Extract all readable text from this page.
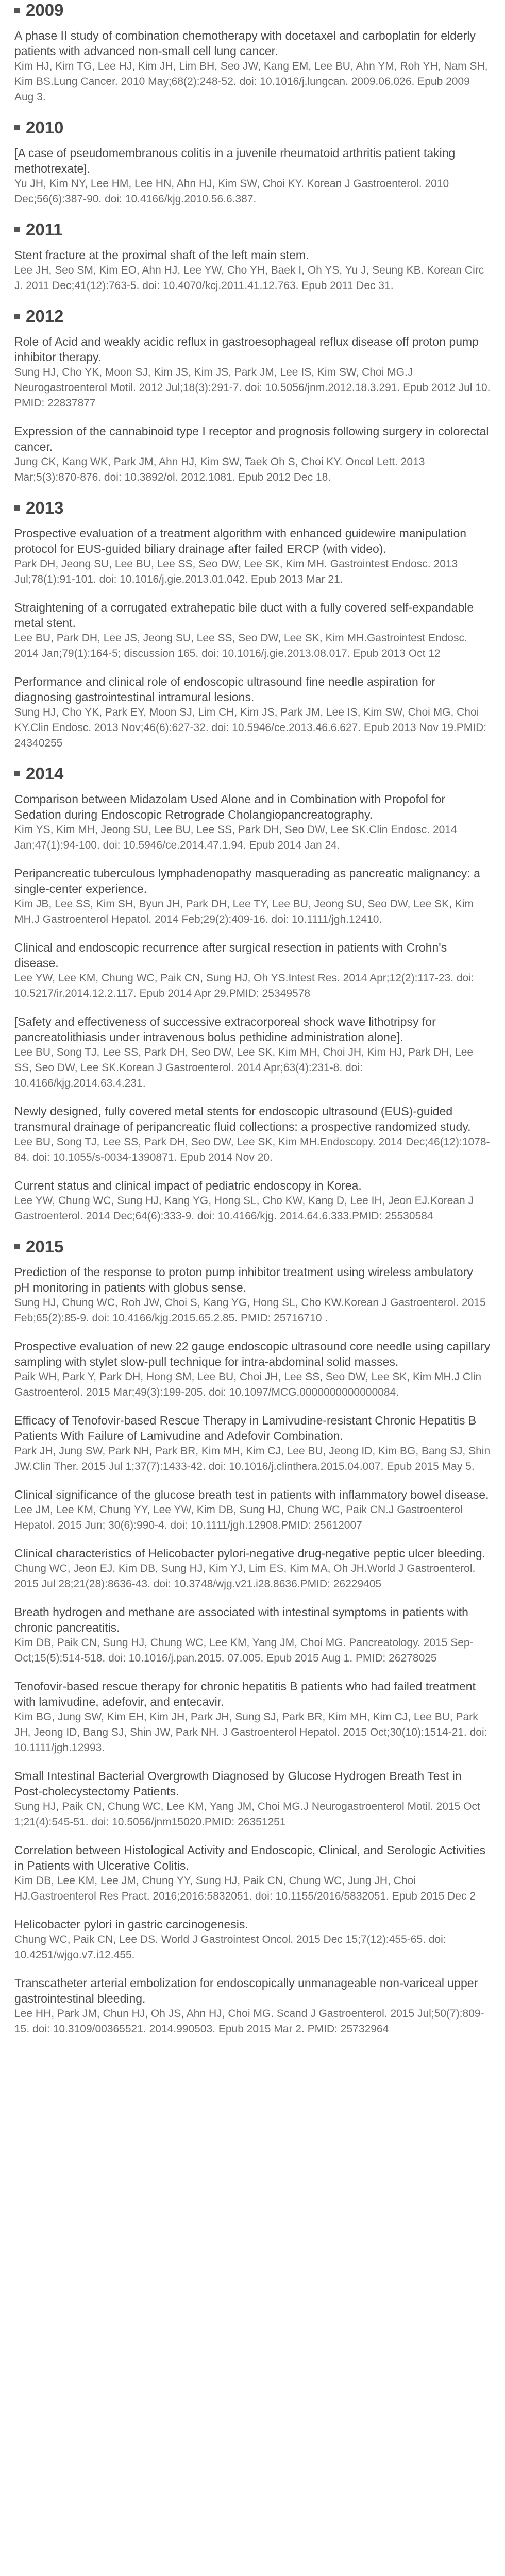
2009

A phase II study of combination chemotherapy with docetaxel and carboplatin for elderly patients with advanced non-small cell lung cancer.
Kim HJ, Kim TG, Lee HJ, Kim JH, Lim BH, Seo JW, Kang EM, Lee BU, Ahn YM, Roh YH, Nam SH, Kim BS.Lung Cancer. 2010 May;68(2):248-52. doi: 10.1016/j.lungcan. 2009.06.026. Epub 2009 Aug 3.

2010

[A case of pseudomembranous colitis in a juvenile rheumatoid arthritis patient taking methotrexate].
Yu JH, Kim NY, Lee HM, Lee HN, Ahn HJ, Kim SW, Choi KY. Korean J Gastroenterol. 2010 Dec;56(6):387-90. doi: 10.4166/kjg.2010.56.6.387.

2011

Stent fracture at the proximal shaft of the left main stem.
Lee JH, Seo SM, Kim EO, Ahn HJ, Lee YW, Cho YH, Baek I, Oh YS, Yu J, Seung KB. Korean Circ J. 2011 Dec;41(12):763-5. doi: 10.4070/kcj.2011.41.12.763. Epub 2011 Dec 31.

2012

Role of Acid and weakly acidic reflux in gastroesophageal reflux disease off proton pump inhibitor therapy.
Sung HJ, Cho YK, Moon SJ, Kim JS, Kim JS, Park JM, Lee IS, Kim SW, Choi MG.J Neurogastroenterol Motil. 2012 Jul;18(3):291-7. doi: 10.5056/jnm.2012.18.3.291. Epub 2012 Jul 10. PMID: 22837877

Expression of the cannabinoid type I receptor and prognosis following surgery in colorectal cancer.
Jung CK, Kang WK, Park JM, Ahn HJ, Kim SW, Taek Oh S, Choi KY. Oncol Lett. 2013 Mar;5(3):870-876. doi: 10.3892/ol. 2012.1081. Epub 2012 Dec 18.

2013

Prospective evaluation of a treatment algorithm with enhanced guidewire manipulation protocol for EUS-guided biliary drainage after failed ERCP (with video).
Park DH, Jeong SU, Lee BU, Lee SS, Seo DW, Lee SK, Kim MH. Gastrointest Endosc. 2013 Jul;78(1):91-101. doi: 10.1016/j.gie.2013.01.042. Epub 2013 Mar 21.

Straightening of a corrugated extrahepatic bile duct with a fully covered self-expandable metal stent.
Lee BU, Park DH, Lee JS, Jeong SU, Lee SS, Seo DW, Lee SK, Kim MH.Gastrointest Endosc. 2014 Jan;79(1):164-5; discussion 165. doi: 10.1016/j.gie.2013.08.017. Epub 2013 Oct 12

Performance and clinical role of endoscopic ultrasound fine needle aspiration for diagnosing gastrointestinal intramural lesions.
Sung HJ, Cho YK, Park EY, Moon SJ, Lim CH, Kim JS, Park JM, Lee IS, Kim SW, Choi MG, Choi KY.Clin Endosc. 2013 Nov;46(6):627-32. doi: 10.5946/ce.2013.46.6.627. Epub 2013 Nov 19.PMID: 24340255

2014

Comparison between Midazolam Used Alone and in Combination with Propofol for Sedation during Endoscopic Retrograde Cholangiopancreatography.
Kim YS, Kim MH, Jeong SU, Lee BU, Lee SS, Park DH, Seo DW, Lee SK.Clin Endosc. 2014 Jan;47(1):94-100. doi: 10.5946/ce.2014.47.1.94. Epub 2014 Jan 24.

Peripancreatic tuberculous lymphadenopathy masquerading as pancreatic malignancy: a single-center experience.
Kim JB, Lee SS, Kim SH, Byun JH, Park DH, Lee TY, Lee BU, Jeong SU, Seo DW, Lee SK, Kim MH.J Gastroenterol Hepatol. 2014 Feb;29(2):409-16. doi: 10.1111/jgh.12410.

Clinical and endoscopic recurrence after surgical resection in patients with Crohn's disease.
Lee YW, Lee KM, Chung WC, Paik CN, Sung HJ, Oh YS.Intest Res. 2014 Apr;12(2):117-23. doi: 10.5217/ir.2014.12.2.117. Epub 2014 Apr 29.PMID: 25349578

[Safety and effectiveness of successive extracorporeal shock wave lithotripsy for pancreatolithiasis under intravenous bolus pethidine administration alone].
Lee BU, Song TJ, Lee SS, Park DH, Seo DW, Lee SK, Kim MH, Choi JH, Kim HJ, Park DH, Lee SS, Seo DW, Lee SK.Korean J Gastroenterol. 2014 Apr;63(4):231-8. doi: 10.4166/kjg.2014.63.4.231.

Newly designed, fully covered metal stents for endoscopic ultrasound (EUS)-guided transmural drainage of peripancreatic fluid collections: a prospective randomized study.
Lee BU, Song TJ, Lee SS, Park DH, Seo DW, Lee SK, Kim MH.Endoscopy. 2014 Dec;46(12):1078-84. doi: 10.1055/s-0034-1390871. Epub 2014 Nov 20.

Current status and clinical impact of pediatric endoscopy in Korea.
Lee YW, Chung WC, Sung HJ, Kang YG, Hong SL, Cho KW, Kang D, Lee IH, Jeon EJ.Korean J Gastroenterol. 2014 Dec;64(6):333-9. doi: 10.4166/kjg. 2014.64.6.333.PMID: 25530584

2015

Prediction of the response to proton pump inhibitor treatment using wireless ambulatory pH monitoring in patients with globus sense.
Sung HJ, Chung WC, Roh JW, Choi S, Kang YG, Hong SL, Cho KW.Korean J Gastroenterol. 2015 Feb;65(2):85-9. doi: 10.4166/kjg.2015.65.2.85. PMID: 25716710 .

Prospective evaluation of new 22 gauge endoscopic ultrasound core needle using capillary sampling with stylet slow-pull technique for intra-abdominal solid masses.
Paik WH, Park Y, Park DH, Hong SM, Lee BU, Choi JH, Lee SS, Seo DW, Lee SK, Kim MH.J Clin Gastroenterol. 2015 Mar;49(3):199-205. doi: 10.1097/MCG.0000000000000084.

Efficacy of Tenofovir-based Rescue Therapy in Lamivudine-resistant Chronic Hepatitis B Patients With Failure of Lamivudine and Adefovir Combination.
Park JH, Jung SW, Park NH, Park BR, Kim MH, Kim CJ, Lee BU, Jeong ID, Kim BG, Bang SJ, Shin JW.Clin Ther. 2015 Jul 1;37(7):1433-42. doi: 10.1016/j.clinthera.2015.04.007. Epub 2015 May 5.

Clinical significance of the glucose breath test in patients with inflammatory bowel disease.
Lee JM, Lee KM, Chung YY, Lee YW, Kim DB, Sung HJ, Chung WC, Paik CN.J Gastroenterol Hepatol. 2015 Jun; 30(6):990-4. doi: 10.1111/jgh.12908.PMID: 25612007

Clinical characteristics of Helicobacter pylori-negative drug-negative peptic ulcer bleeding.
Chung WC, Jeon EJ, Kim DB, Sung HJ, Kim YJ, Lim ES, Kim MA, Oh JH.World J Gastroenterol. 2015 Jul 28;21(28):8636-43. doi: 10.3748/wjg.v21.i28.8636.PMID: 26229405

Breath hydrogen and methane are associated with intestinal symptoms in patients with chronic pancreatitis.
Kim DB, Paik CN, Sung HJ, Chung WC, Lee KM, Yang JM, Choi MG. Pancreatology. 2015 Sep-Oct;15(5):514-518. doi: 10.1016/j.pan.2015. 07.005. Epub 2015 Aug 1. PMID: 26278025

Tenofovir-based rescue therapy for chronic hepatitis B patients who had failed treatment with lamivudine, adefovir, and entecavir.
Kim BG, Jung SW, Kim EH, Kim JH, Park JH, Sung SJ, Park BR, Kim MH, Kim CJ, Lee BU, Park JH, Jeong ID, Bang SJ, Shin JW, Park NH. J Gastroenterol Hepatol. 2015 Oct;30(10):1514-21. doi: 10.1111/jgh.12993.

Small Intestinal Bacterial Overgrowth Diagnosed by Glucose Hydrogen Breath Test in Post-cholecystectomy Patients.
Sung HJ, Paik CN, Chung WC, Lee KM, Yang JM, Choi MG.J Neurogastroenterol Motil. 2015 Oct 1;21(4):545-51. doi: 10.5056/jnm15020.PMID: 26351251

Correlation between Histological Activity and Endoscopic, Clinical, and Serologic Activities in Patients with Ulcerative Colitis.
Kim DB, Lee KM, Lee JM, Chung YY, Sung HJ, Paik CN, Chung WC, Jung JH, Choi HJ.Gastroenterol Res Pract. 2016;2016:5832051. doi: 10.1155/2016/5832051. Epub 2015 Dec 2

Helicobacter pylori in gastric carcinogenesis.
Chung WC, Paik CN, Lee DS. World J Gastrointest Oncol. 2015 Dec 15;7(12):455-65. doi: 10.4251/wjgo.v7.i12.455.

Transcatheter arterial embolization for endoscopically unmanageable non-variceal upper gastrointestinal bleeding.
Lee HH, Park JM, Chun HJ, Oh JS, Ahn HJ, Choi MG. Scand J Gastroenterol. 2015 Jul;50(7):809-15. doi: 10.3109/00365521. 2014.990503. Epub 2015 Mar 2. PMID: 25732964
